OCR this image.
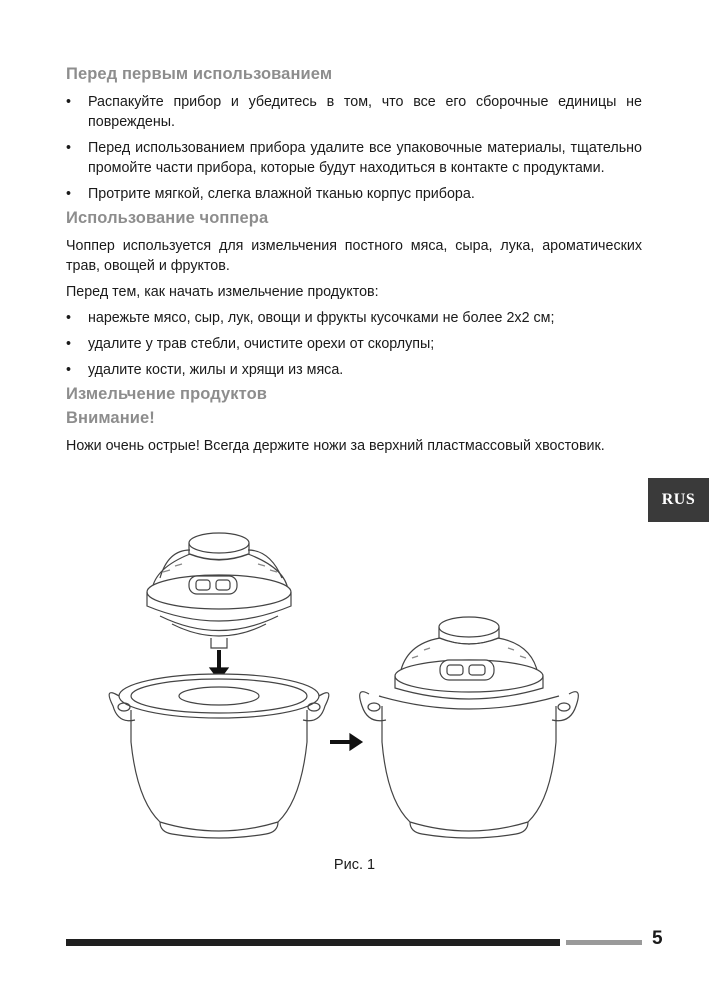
Перед первым использованием
• Распакуйте прибор и убедитесь в том, что все его сборочные единицы не повреждены.
• Перед использованием прибора удалите все упаковочные материалы, тщательно промойте части прибора, которые будут находиться в контакте с продуктами.
• Протрите мягкой, слегка влажной тканью корпус прибора.
Использование чоппера

Чоппер используется для измельчения постного мяса, сыра, лука, ароматических трав, овощей и фруктов.

Перед тем, как начать измельчение продуктов:

• нарежьте мясо, сыр, лук, овощи и фрукты кусочками не более 2х2 см;
• удалите у трав стебли, очистите орехи от скорлупы;
• удалите кости, жилы и хрящи из мяса.
Измельчение продуктов
Внимание!

Ножи очень острые! Всегда держите ножи за верхний пластмассовый хвостовик.

RUS
Рис. 1
5
